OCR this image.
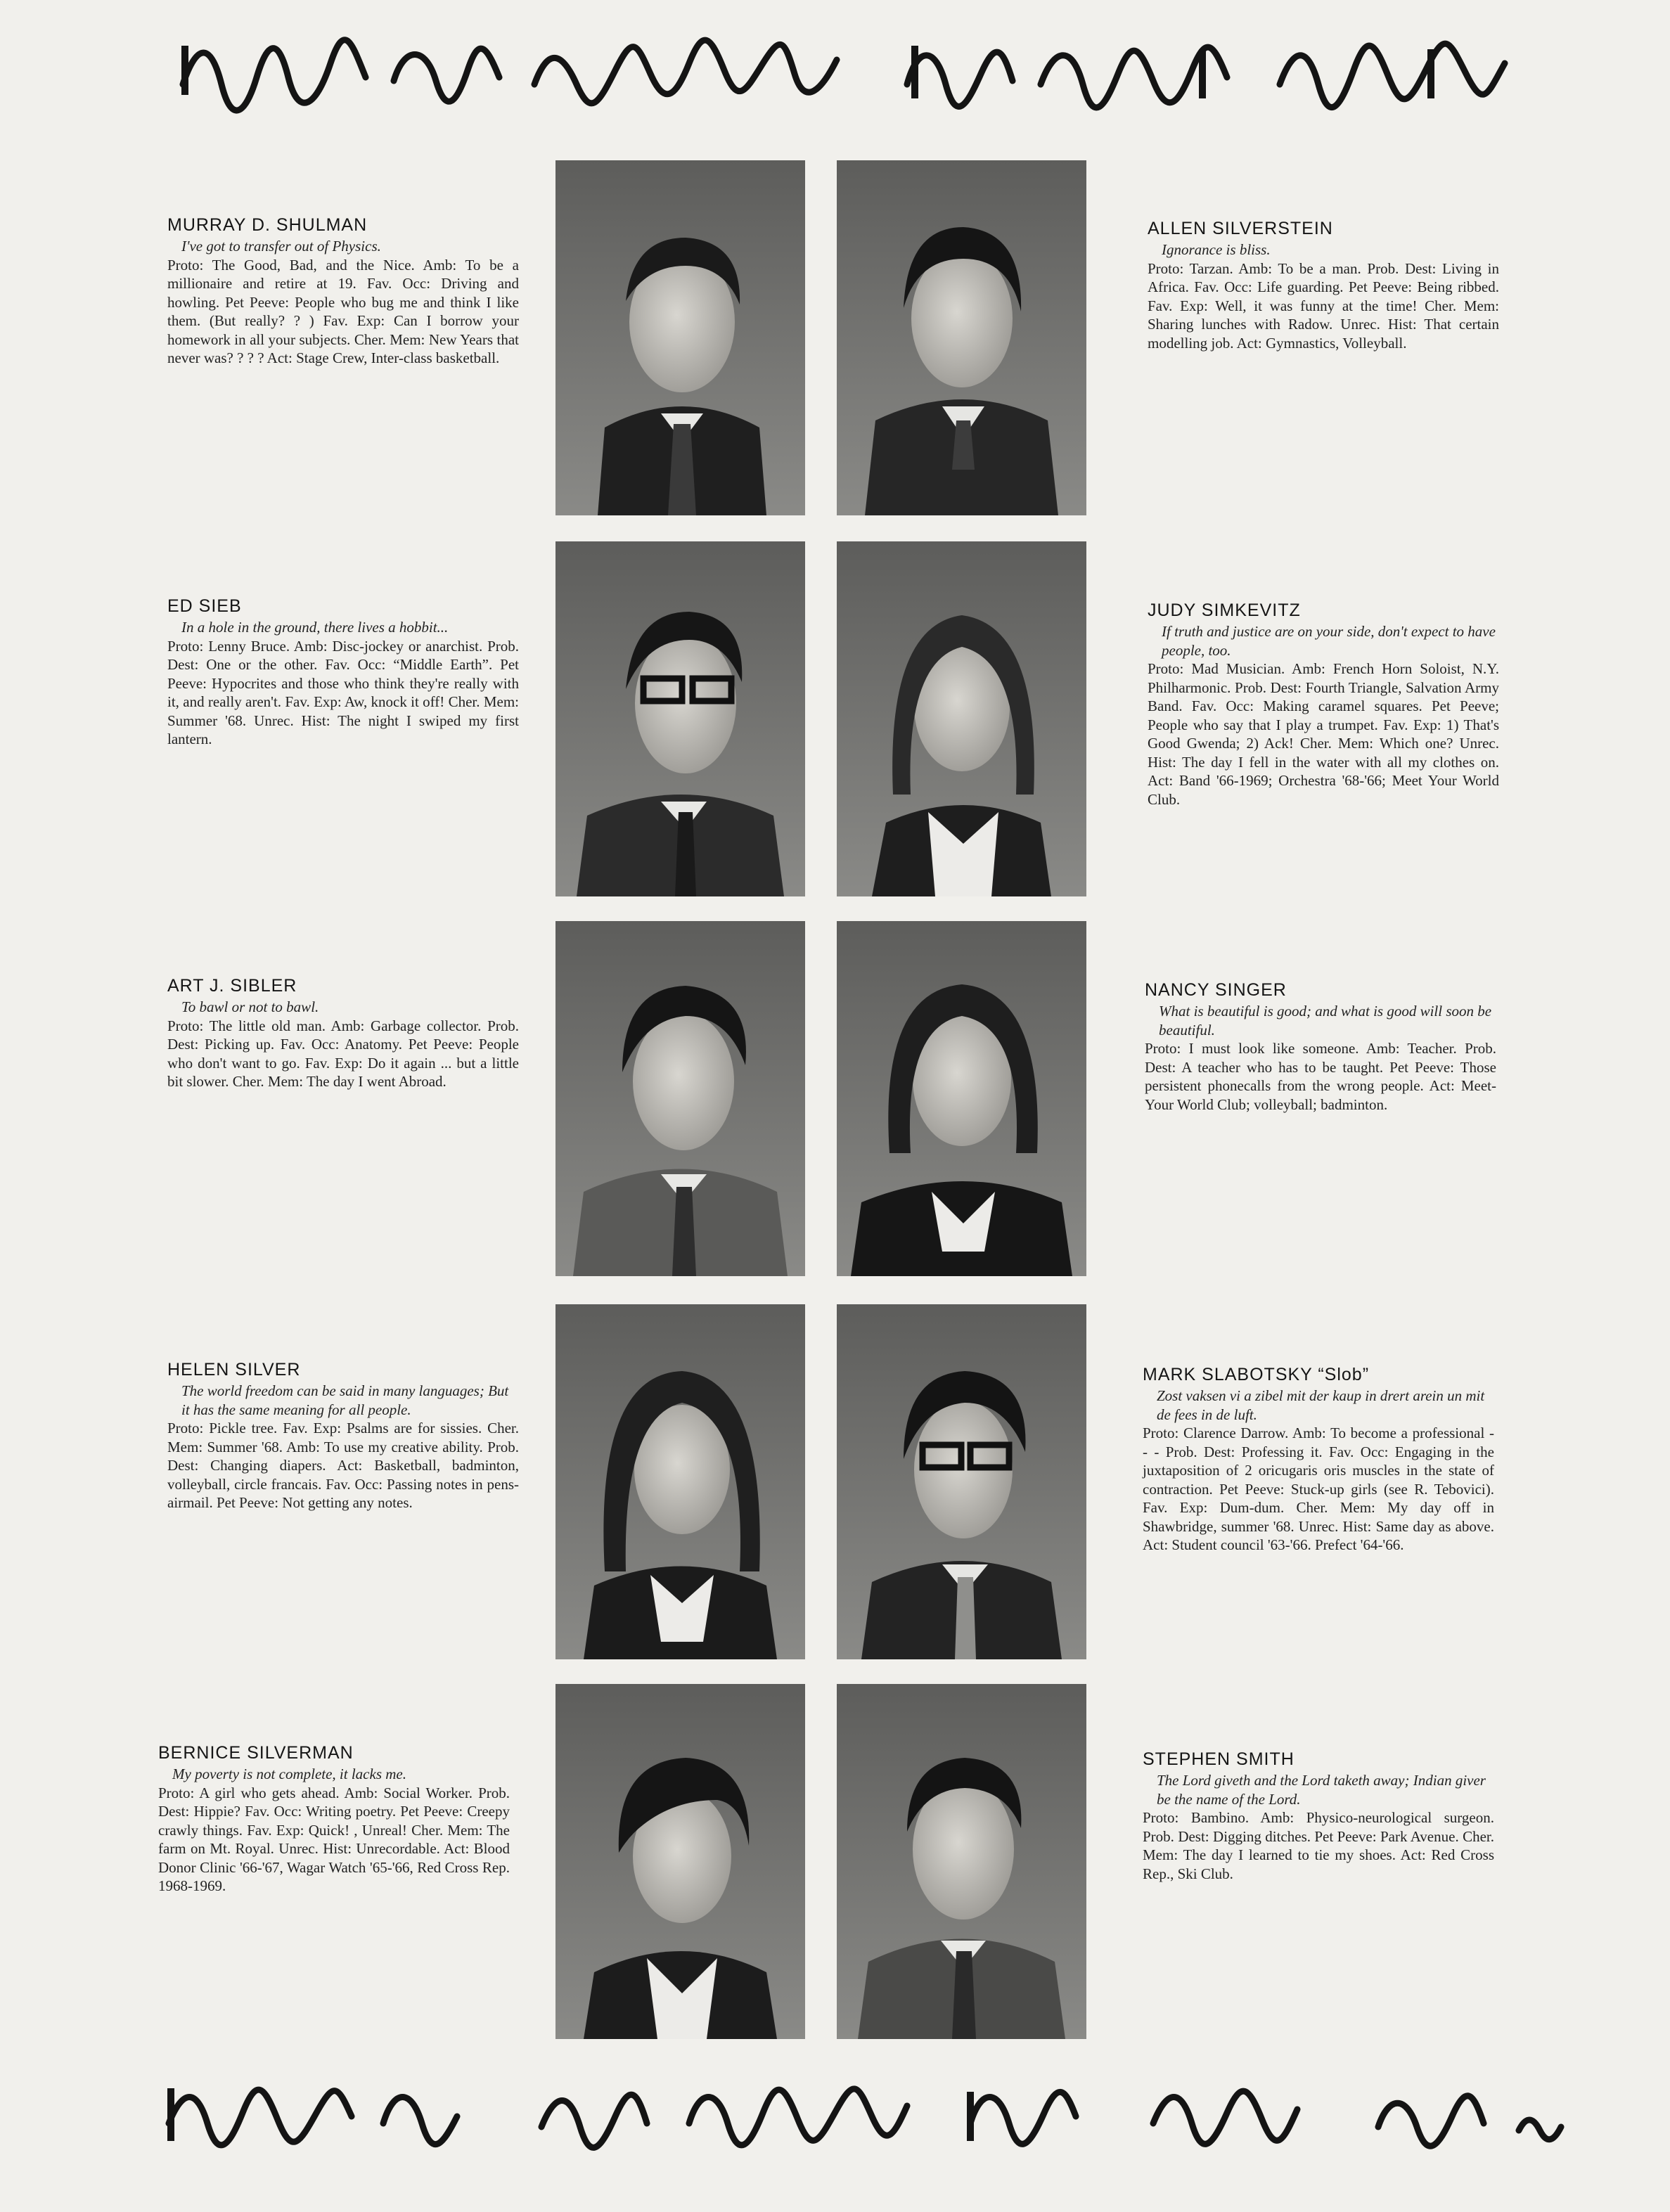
MURRAY D. SHULMAN
I've got to transfer out of Physics.
Proto: The Good, Bad, and the Nice. Amb: To be a millionaire and retire at 19. Fav. Occ: Driving and howling. Pet Peeve: People who bug me and think I like them. (But really? ? ) Fav. Exp: Can I borrow your homework in all your subjects. Cher. Mem: New Years that never was? ? ? ? Act: Stage Crew, Inter-class basketball.
ALLEN SILVERSTEIN
Ignorance is bliss.
Proto: Tarzan. Amb: To be a man. Prob. Dest: Living in Africa. Fav. Occ: Life guarding. Pet Peeve: Being ribbed. Fav. Exp: Well, it was funny at the time! Cher. Mem: Sharing lunches with Radow. Unrec. Hist: That certain modelling job. Act: Gymnastics, Volleyball.
ED SIEB
In a hole in the ground, there lives a hobbit...
Proto: Lenny Bruce. Amb: Disc-jockey or anarchist. Prob. Dest: One or the other. Fav. Occ: “Middle Earth”. Pet Peeve: Hypocrites and those who think they're really with it, and really aren't. Fav. Exp: Aw, knock it off! Cher. Mem: Summer '68. Unrec. Hist: The night I swiped my first lantern.
JUDY SIMKEVITZ
If truth and justice are on your side, don't expect to have people, too.
Proto: Mad Musician. Amb: French Horn Soloist, N.Y. Philharmonic. Prob. Dest: Fourth Triangle, Salvation Army Band. Fav. Occ: Making caramel squares. Pet Peeve; People who say that I play a trumpet. Fav. Exp: 1) That's Good Gwenda; 2) Ack! Cher. Mem: Which one? Unrec. Hist: The day I fell in the water with all my clothes on. Act: Band '66-1969; Orchestra '68-'66; Meet Your World Club.
ART J. SIBLER
To bawl or not to bawl.
Proto: The little old man. Amb: Garbage collector. Prob. Dest: Picking up. Fav. Occ: Anatomy. Pet Peeve: People who don't want to go. Fav. Exp: Do it again ... but a little bit slower. Cher. Mem: The day I went Abroad.
NANCY SINGER
What is beautiful is good; and what is good will soon be beautiful.
Proto: I must look like someone. Amb: Teacher. Prob. Dest: A teacher who has to be taught. Pet Peeve: Those persistent phonecalls from the wrong people. Act: Meet-Your World Club; volleyball; badminton.
HELEN SILVER
The world freedom can be said in many languages; But it has the same meaning for all people.
Proto: Pickle tree. Fav. Exp: Psalms are for sissies. Cher. Mem: Summer '68. Amb: To use my creative ability. Prob. Dest: Changing diapers. Act: Basketball, badminton, volleyball, circle francais. Fav. Occ: Passing notes in pens-airmail. Pet Peeve: Not getting any notes.
MARK SLABOTSKY “Slob”
Zost vaksen vi a zibel mit der kaup in drert arein un mit de fees in de luft.
Proto: Clarence Darrow. Amb: To become a professional - - - Prob. Dest: Professing it. Fav. Occ: Engaging in the juxtaposition of 2 oricugaris oris muscles in the state of contraction. Pet Peeve: Stuck-up girls (see R. Tebovici). Fav. Exp: Dum-dum. Cher. Mem: My day off in Shawbridge, summer '68. Unrec. Hist: Same day as above. Act: Student council '63-'66. Prefect '64-'66.
BERNICE SILVERMAN
My poverty is not complete, it lacks me.
Proto: A girl who gets ahead. Amb: Social Worker. Prob. Dest: Hippie? Fav. Occ: Writing poetry. Pet Peeve: Creepy crawly things. Fav. Exp: Quick! , Unreal! Cher. Mem: The farm on Mt. Royal. Unrec. Hist: Unrecordable. Act: Blood Donor Clinic '66-'67, Wagar Watch '65-'66, Red Cross Rep. 1968-1969.
STEPHEN SMITH
The Lord giveth and the Lord taketh away; Indian giver be the name of the Lord.
Proto: Bambino. Amb: Physico-neurological surgeon. Prob. Dest: Digging ditches. Pet Peeve: Park Avenue. Cher. Mem: The day I learned to tie my shoes. Act: Red Cross Rep., Ski Club.
